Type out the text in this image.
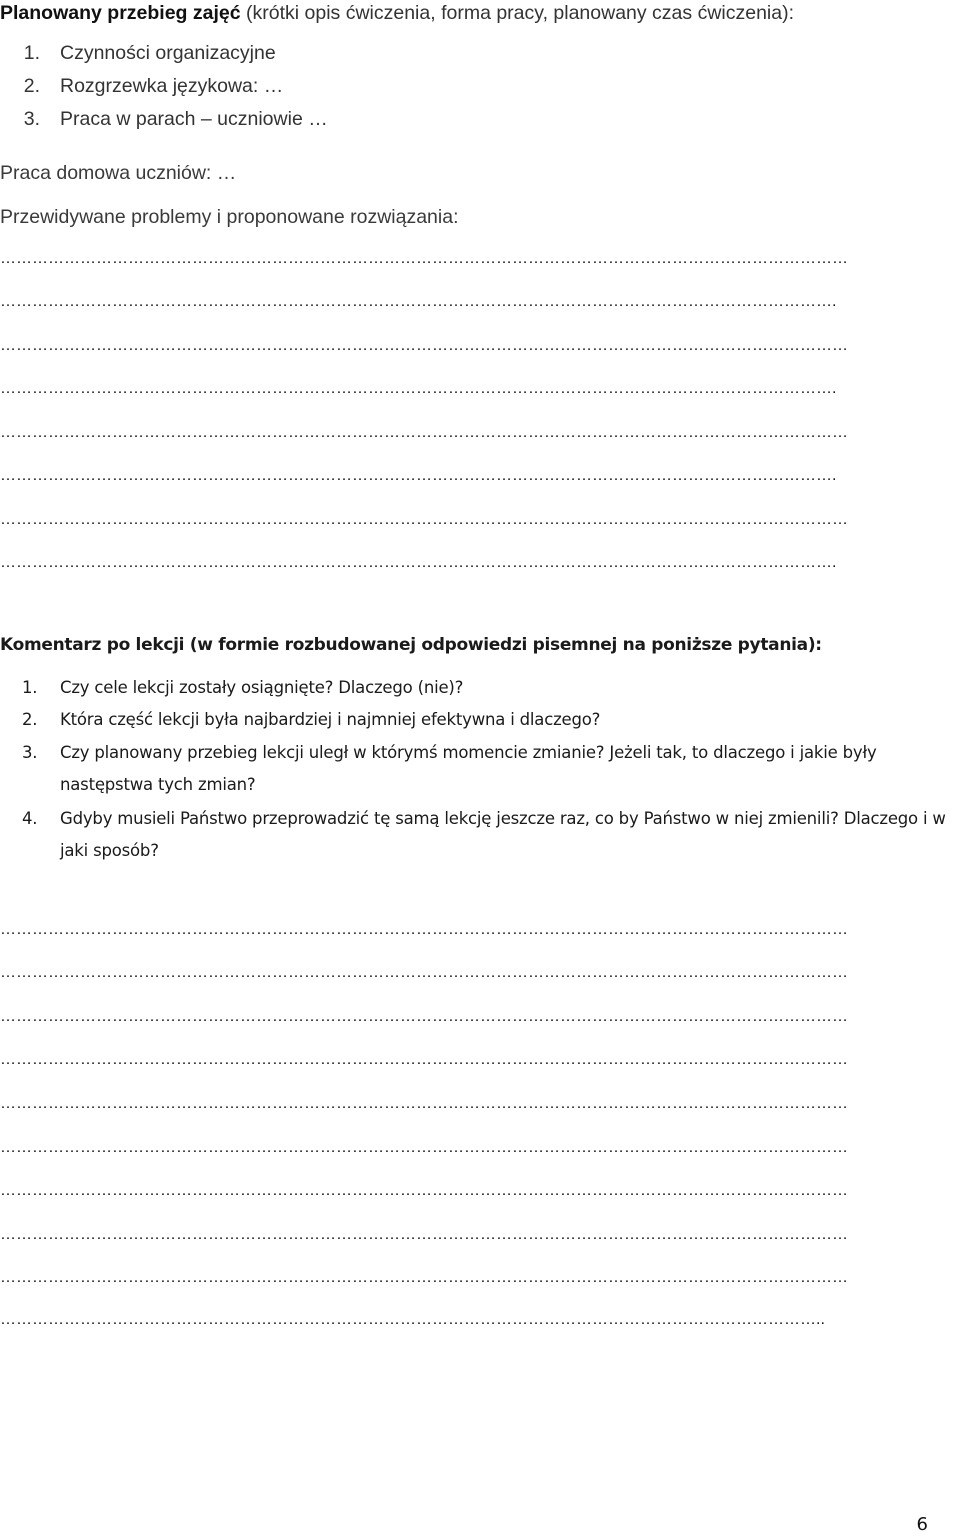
Planowany przebieg zajęć (krótki opis ćwiczenia, forma pracy, planowany czas ćwiczenia):
1. Czynności organizacyjne
2. Rozgrzewka językowa: …
3. Praca w parach – uczniowie …
Praca domowa uczniów: …
Przewidywane problemy i proponowane rozwiązania:
……………………………………………………………………………………………………………………………………………
………………………………………………………………………………………………………………………………………….
……………………………………………………………………………………………………………………………………………
………………………………………………………………………………………………………………………………………….
……………………………………………………………………………………………………………………………………………
………………………………………………………………………………………………………………………………………….
……………………………………………………………………………………………………………………………………………
………………………………………………………………………………………………………………………………………….
Komentarz po lekcji (w formie rozbudowanej odpowiedzi pisemnej na poniższe pytania):
1. Czy cele lekcji zostały osiągnięte? Dlaczego (nie)?
2. Która część lekcji była najbardziej i najmniej efektywna i dlaczego?
3. Czy planowany przebieg lekcji uległ w którymś momencie zmianie? Jeżeli tak, to dlaczego i jakie były następstwa tych zmian?
4. Gdyby musieli Państwo przeprowadzić tę samą lekcję jeszcze raz, co by Państwo w niej zmienili? Dlaczego i w jaki sposób?
……………………………………………………………………………………………………………………………………………
……………………………………………………………………………………………………………………………………………
……………………………………………………………………………………………………………………………………………
……………………………………………………………………………………………………………………………………………
……………………………………………………………………………………………………………………………………………
……………………………………………………………………………………………………………………………………………
……………………………………………………………………………………………………………………………………………
……………………………………………………………………………………………………………………………………………
……………………………………………………………………………………………………………………………………………
………………………………………………………………………………………………………………………………………..
6
